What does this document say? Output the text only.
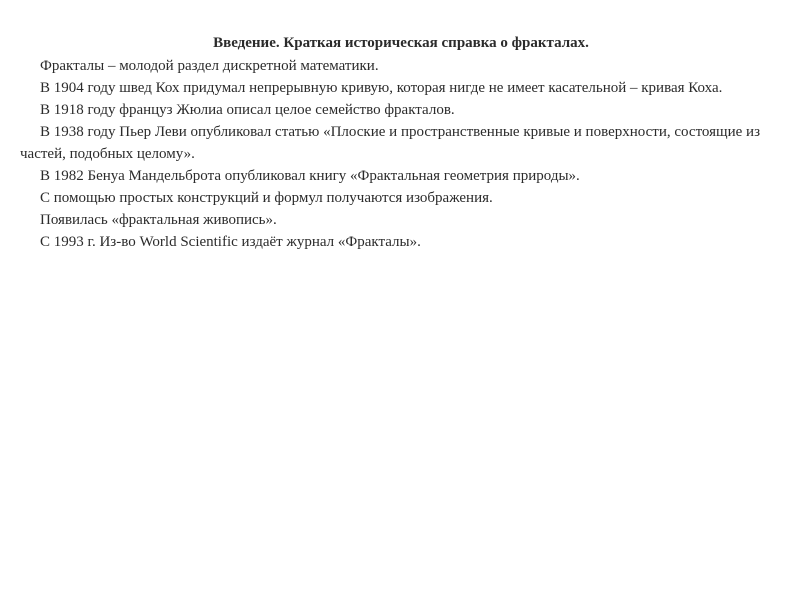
Введение. Краткая историческая справка о фракталах.

Фракталы – молодой раздел дискретной математики.

В 1904 году швед Кох придумал непрерывную кривую, которая нигде не имеет касательной – кривая Коха.

В 1918 году француз Жюлиа описал целое семейство фракталов.

В 1938 году Пьер Леви опубликовал статью «Плоские и пространственные кривые и поверхности, состоящие из частей, подобных целому».

В 1982 Бенуа Мандельброта опубликовал книгу «Фрактальная геометрия природы».

С помощью простых конструкций и формул получаются изображения.

Появилась «фрактальная живопись».

С 1993 г. Из-во World Scientific издаёт журнал «Фракталы».
